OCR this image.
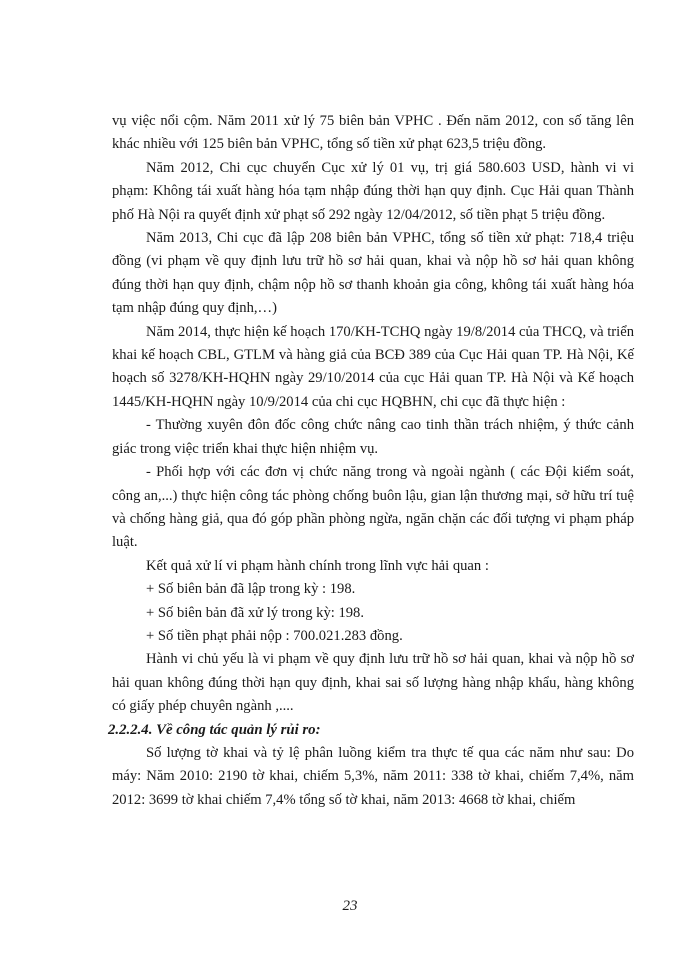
vụ việc nổi cộm. Năm 2011 xử lý 75 biên bản VPHC . Đến năm 2012, con số tăng lên khác nhiều với 125 biên bản VPHC, tổng số tiền xử phạt 623,5 triệu đồng.

Năm 2012, Chi cục chuyển Cục xử lý 01 vụ, trị giá 580.603 USD, hành vi vi phạm: Không tái xuất hàng hóa tạm nhập đúng thời hạn quy định. Cục Hải quan Thành phố Hà Nội ra quyết định xử phạt số 292 ngày 12/04/2012, số tiền phạt 5 triệu đồng.

Năm 2013, Chi cục đã lập 208 biên bản VPHC, tổng số tiền xử phạt: 718,4 triệu đồng (vi phạm về quy định lưu trữ hồ sơ hải quan, khai và nộp hồ sơ hải quan không đúng thời hạn quy định, chậm nộp hồ sơ thanh khoản gia công, không tái xuất hàng hóa tạm nhập đúng quy định,…)

Năm 2014, thực hiện kế hoạch 170/KH-TCHQ ngày 19/8/2014 của THCQ, và triển khai kế hoạch CBL, GTLM và hàng giả của BCĐ 389 của Cục Hải quan TP. Hà Nội, Kế hoạch số 3278/KH-HQHN ngày 29/10/2014 của cục Hải quan TP. Hà Nội và Kế hoạch 1445/KH-HQHN ngày 10/9/2014 của chi cục HQBHN, chi cục đã thực hiện :

- Thường xuyên đôn đốc công chức nâng cao tinh thần trách nhiệm, ý thức cảnh giác trong việc triển khai thực hiện nhiệm vụ.

- Phối hợp với các đơn vị chức năng trong và ngoài ngành ( các Đội kiểm soát, công an,...) thực hiện công tác phòng chống buôn lậu, gian lận thương mại, sở hữu trí tuệ và chống hàng giả, qua đó góp phần phòng ngừa, ngăn chặn các đối tượng vi phạm pháp luật.

Kết quả xử lí vi phạm hành chính trong lĩnh vực hải quan :

+ Số biên bản đã lập trong kỳ : 198.

+ Số biên bản đã xử lý trong kỳ: 198.

+ Số tiền phạt phải nộp : 700.021.283 đồng.

Hành vi chủ yếu là vi phạm về quy định lưu trữ hồ sơ hải quan, khai và nộp hồ sơ hải quan không đúng thời hạn quy định, khai sai số lượng hàng nhập khẩu, hàng không có giấy phép chuyên ngành ,....

2.2.2.4. Về công tác quản lý rủi ro:

Số lượng tờ khai và tỷ lệ phân luồng kiểm tra thực tế qua các năm như sau: Do máy: Năm 2010: 2190 tờ khai, chiếm 5,3%, năm 2011: 338 tờ khai, chiếm 7,4%, năm 2012: 3699 tờ khai chiếm 7,4% tổng số tờ khai, năm 2013: 4668 tờ khai, chiếm

23
